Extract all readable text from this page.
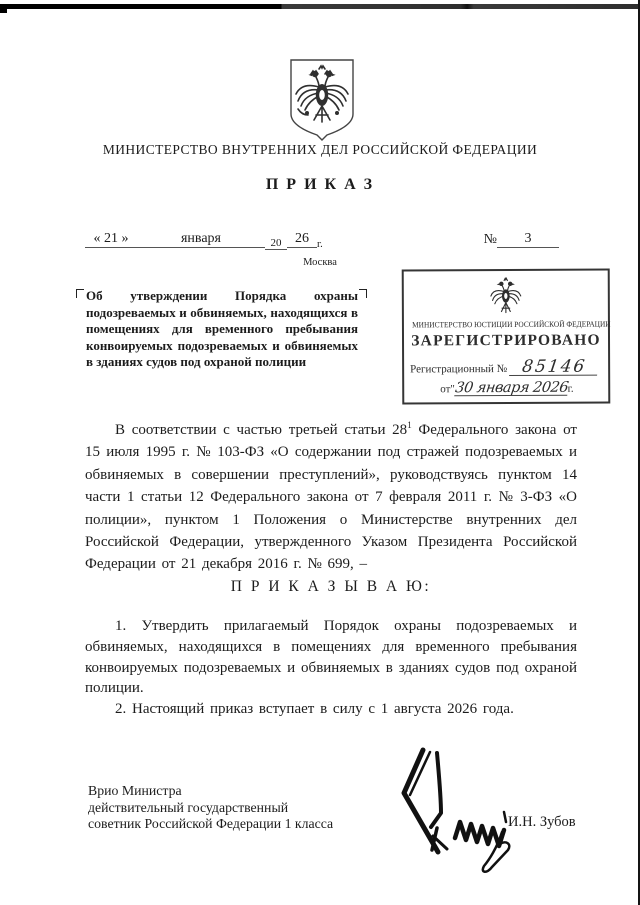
МИНИСТЕРСТВО ВНУТРЕННИХ ДЕЛ РОССИЙСКОЙ ФЕДЕРАЦИИ
П Р И К А З
« 21 »	января	20 26 $_{г.}$	№ 3
Москва
Об утверждении Порядка охраны подозреваемых и обвиняемых, находящихся в помещениях для временного пребывания конвоируемых подозреваемых и обвиняемых в зданиях судов под охраной полиции
МИНИСТЕРСТВО ЮСТИЦИИ РОССИЙСКОЙ ФЕДЕРАЦИИ
ЗАРЕГИСТРИРОВАНО
Регистрационный № 85146
от"30 января 2026г.
В соответствии с частью третьей статьи 28$^1$ Федерального закона от 15 июля 1995 г. № 103-ФЗ «О содержании под стражей подозреваемых и обвиняемых в совершении преступлений», руководствуясь пунктом 14 части 1 статьи 12 Федерального закона от 7 февраля 2011 г. № 3-ФЗ «О полиции», пунктом 1 Положения о Министерстве внутренних дел Российской Федерации, утвержденного Указом Президента Российской Федерации от 21 декабря 2016 г. № 699, –
П Р И К А З Ы В А Ю:

1. Утвердить прилагаемый Порядок охраны подозреваемых и обвиняемых, находящихся в помещениях для временного пребывания конвоируемых подозреваемых и обвиняемых в зданиях судов под охраной полиции.

2. Настоящий приказ вступает в силу с 1 августа 2026 года.

Врио Министра
действительный государственный
советник Российской Федерации 1 класса	И.Н. Зубов
